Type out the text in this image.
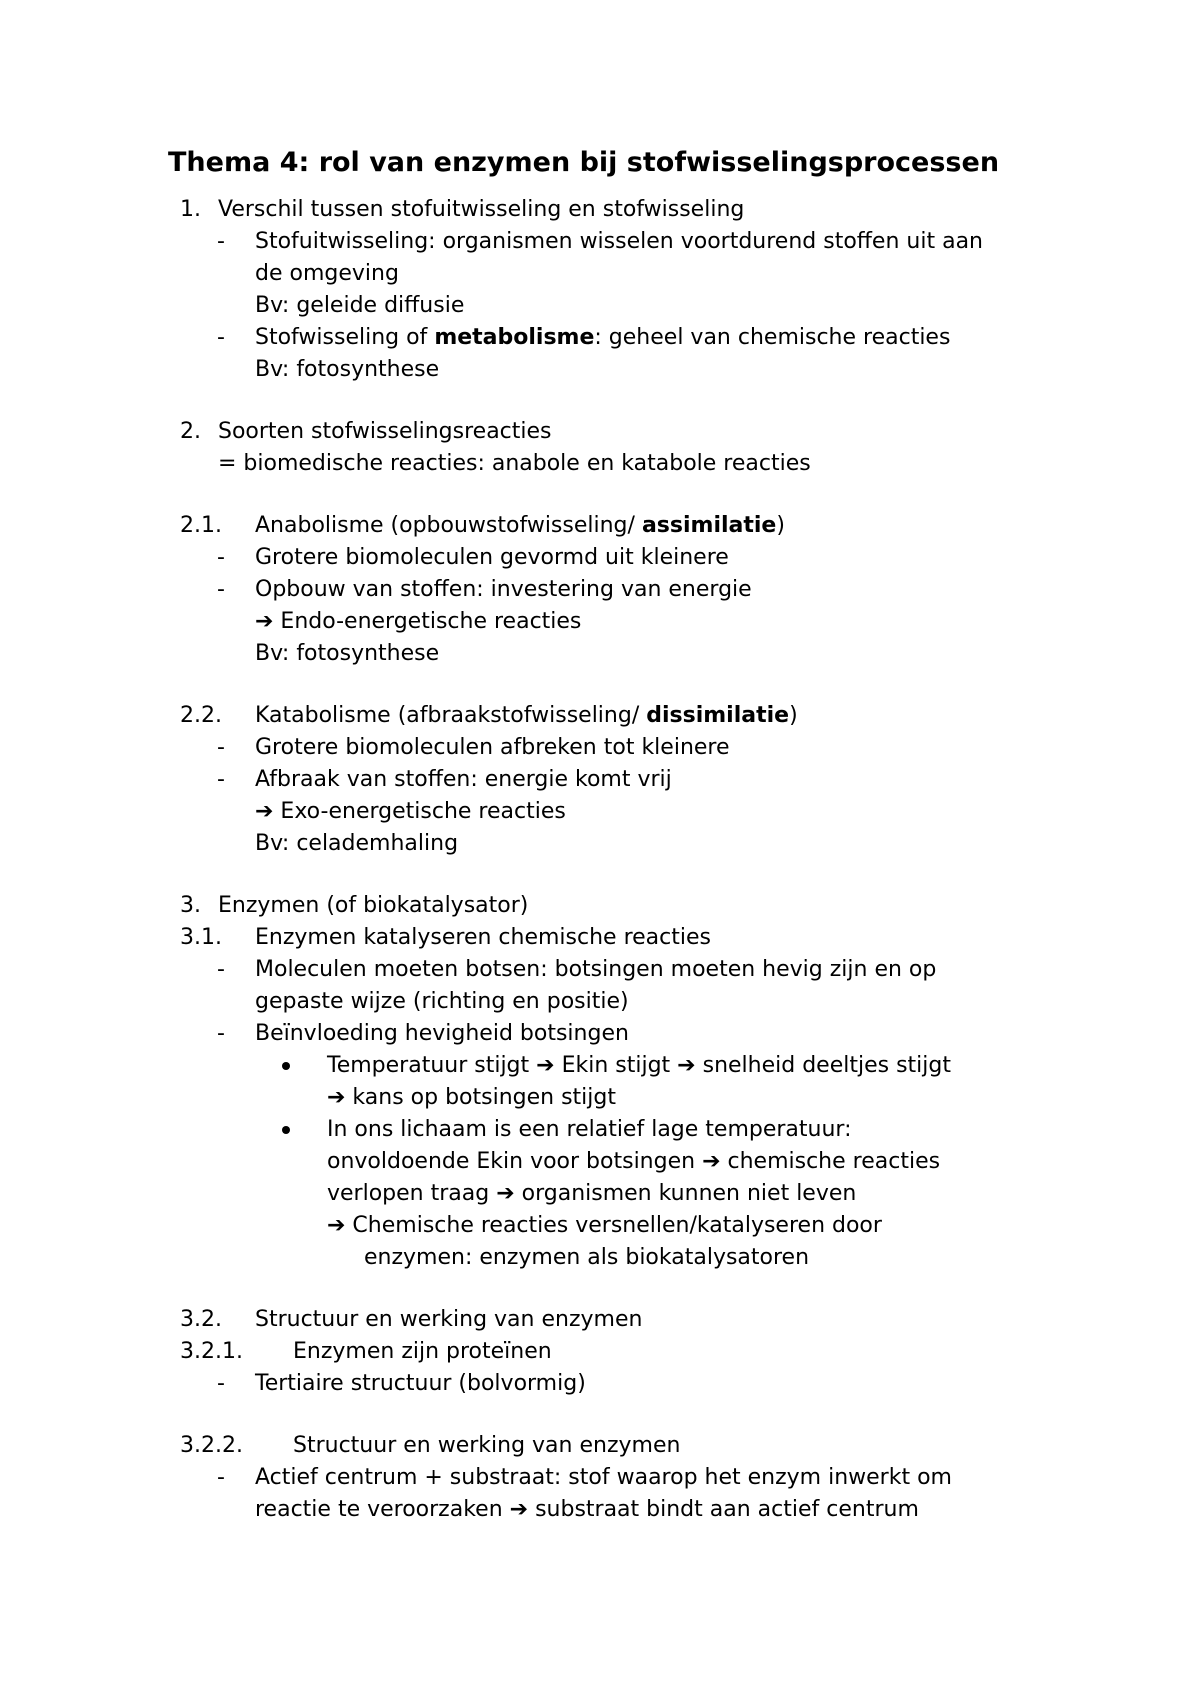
Thema 4: rol van enzymen bij stofwisselingsprocessen
1. Verschil tussen stofuitwisseling en stofwisseling
- Stofuitwisseling: organismen wisselen voortdurend stoffen uit aan
de omgeving
Bv: geleide diffusie
- Stofwisseling of metabolisme: geheel van chemische reacties
Bv: fotosynthese
2. Soorten stofwisselingsreacties
= biomedische reacties: anabole en katabole reacties
2.1. Anabolisme (opbouwstofwisseling/ assimilatie)
- Grotere biomoleculen gevormd uit kleinere
- Opbouw van stoffen: investering van energie
➔ Endo-energetische reacties
Bv: fotosynthese
2.2. Katabolisme (afbraakstofwisseling/ dissimilatie)
- Grotere biomoleculen afbreken tot kleinere
- Afbraak van stoffen: energie komt vrij
➔ Exo-energetische reacties
Bv: celademhaling
3. Enzymen (of biokatalysator)
3.1. Enzymen katalyseren chemische reacties
- Moleculen moeten botsen: botsingen moeten hevig zijn en op
gepaste wijze (richting en positie)
- Beïnvloeding hevigheid botsingen
Temperatuur stijgt ➔ Ekin stijgt ➔ snelheid deeltjes stijgt
➔ kans op botsingen stijgt
In ons lichaam is een relatief lage temperatuur:
onvoldoende Ekin voor botsingen ➔ chemische reacties
verlopen traag ➔ organismen kunnen niet leven
➔ Chemische reacties versnellen/katalyseren door
enzymen: enzymen als biokatalysatoren
3.2. Structuur en werking van enzymen
3.2.1. Enzymen zijn proteïnen
- Tertiaire structuur (bolvormig)
3.2.2. Structuur en werking van enzymen
- Actief centrum + substraat: stof waarop het enzym inwerkt om
reactie te veroorzaken ➔ substraat bindt aan actief centrum
